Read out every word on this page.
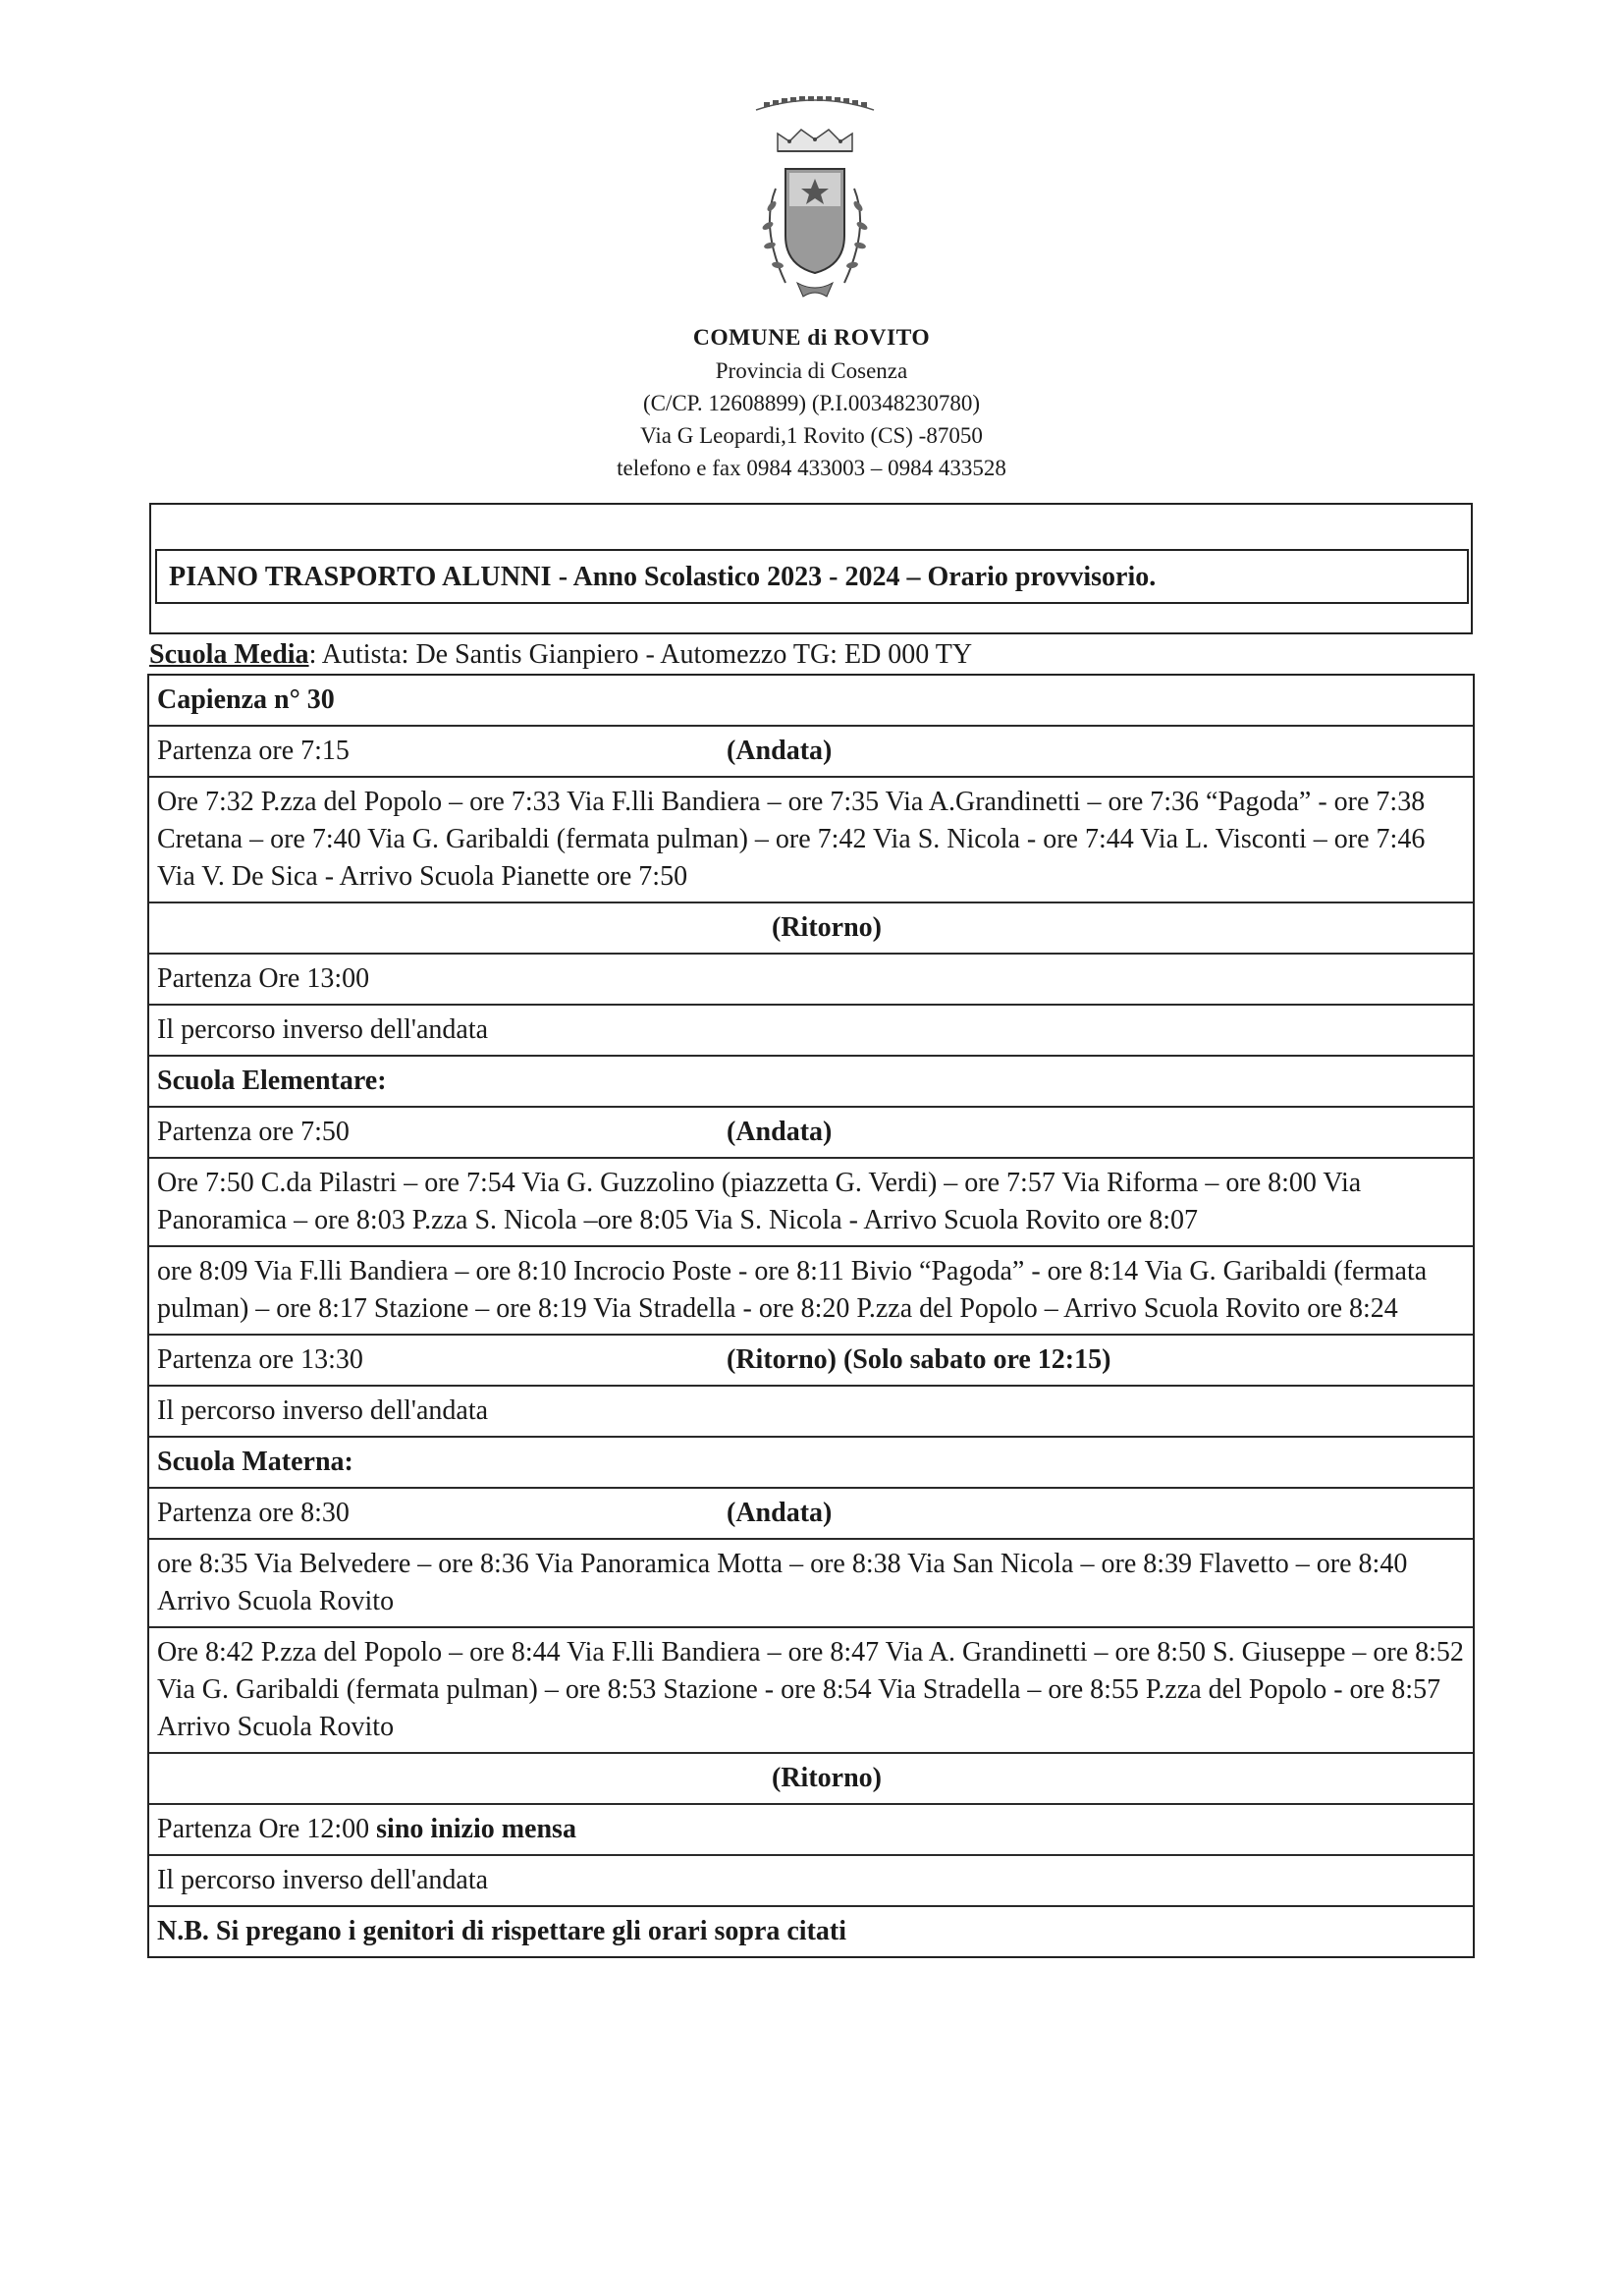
COMUNE di ROVITO
Provincia di Cosenza
(C/CP. 12608899) (P.I.00348230780)
Via G Leopardi,1 Rovito (CS) -87050
telefono e fax 0984 433003 – 0984 433528
PIANO TRASPORTO ALUNNI - Anno Scolastico 2023 - 2024 – Orario provvisorio.
Scuola Media: Autista: De Santis Gianpiero - Automezzo TG: ED 000 TY
Capienza n° 30
Partenza ore 7:15	(Andata)
Ore 7:32 P.zza del Popolo – ore 7:33 Via F.lli Bandiera – ore 7:35 Via A.Grandinetti – ore 7:36 “Pagoda” - ore 7:38 Cretana – ore 7:40 Via G. Garibaldi (fermata pulman) – ore 7:42 Via S. Nicola - ore 7:44 Via L. Visconti – ore 7:46 Via V. De Sica - Arrivo Scuola Pianette ore 7:50
(Ritorno)
Partenza Ore 13:00
Il percorso inverso dell'andata
Scuola Elementare:
Partenza ore 7:50	(Andata)
Ore 7:50 C.da Pilastri – ore 7:54 Via G. Guzzolino (piazzetta G. Verdi) – ore 7:57 Via Riforma – ore 8:00 Via Panoramica – ore 8:03 P.zza S. Nicola –ore 8:05 Via S. Nicola - Arrivo Scuola Rovito ore 8:07
ore 8:09 Via F.lli Bandiera – ore 8:10 Incrocio Poste - ore 8:11 Bivio “Pagoda” - ore 8:14 Via G. Garibaldi (fermata pulman) – ore 8:17 Stazione – ore 8:19 Via Stradella - ore 8:20 P.zza del Popolo – Arrivo Scuola Rovito ore 8:24
Partenza ore 13:30	(Ritorno) (Solo sabato ore 12:15)
Il percorso inverso dell'andata
Scuola Materna:
Partenza ore 8:30	(Andata)
ore 8:35 Via Belvedere – ore 8:36 Via Panoramica Motta – ore 8:38 Via San Nicola – ore 8:39 Flavetto – ore 8:40 Arrivo Scuola Rovito
Ore 8:42 P.zza del Popolo – ore 8:44 Via F.lli Bandiera – ore 8:47 Via A. Grandinetti – ore 8:50 S. Giuseppe – ore 8:52 Via G. Garibaldi (fermata pulman) – ore 8:53 Stazione - ore 8:54 Via Stradella – ore 8:55 P.zza del Popolo - ore 8:57 Arrivo Scuola Rovito
(Ritorno)
Partenza Ore 12:00 sino inizio mensa
Il percorso inverso dell'andata
N.B. Si pregano i genitori di rispettare gli orari sopra citati
